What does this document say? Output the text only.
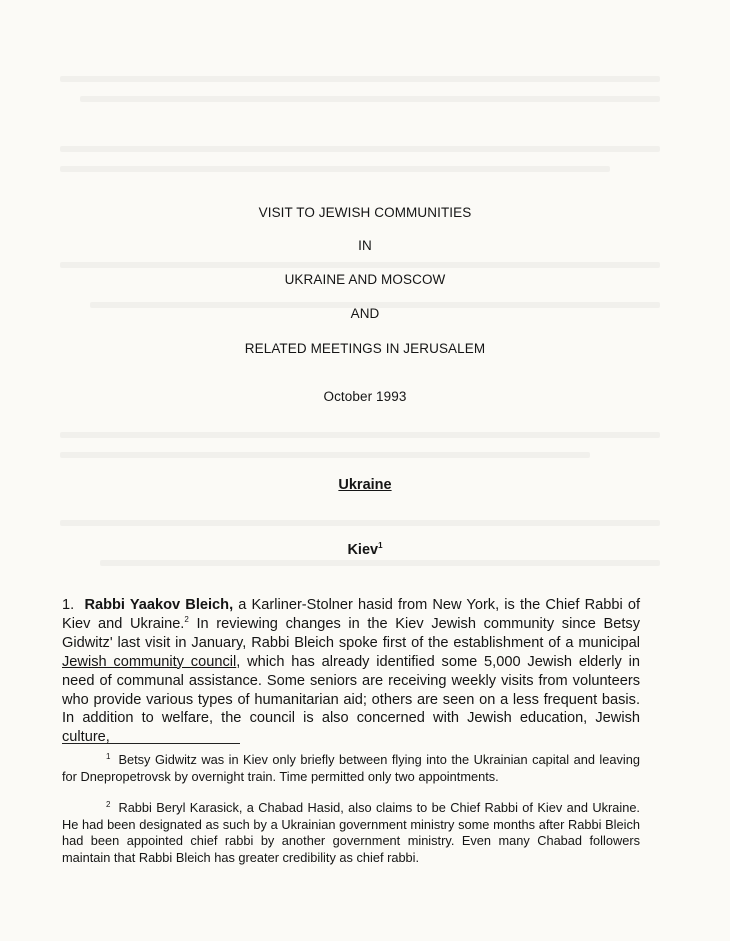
VISIT TO JEWISH COMMUNITIES
IN
UKRAINE AND MOSCOW
AND
RELATED MEETINGS IN JERUSALEM
October 1993
Ukraine
Kiev$^1$
1. Rabbi Yaakov Bleich, a Karliner-Stolner hasid from New York, is the Chief Rabbi of Kiev and Ukraine.$^2$ In reviewing changes in the Kiev Jewish community since Betsy Gidwitz' last visit in January, Rabbi Bleich spoke first of the establishment of a municipal Jewish community council, which has already identified some 5,000 Jewish elderly in need of communal assistance. Some seniors are receiving weekly visits from volunteers who provide various types of humanitarian aid; others are seen on a less frequent basis. In addition to welfare, the council is also concerned with Jewish education, Jewish culture,
$^1$ Betsy Gidwitz was in Kiev only briefly between flying into the Ukrainian capital and leaving for Dnepropetrovsk by overnight train. Time permitted only two appointments.
$^2$ Rabbi Beryl Karasick, a Chabad Hasid, also claims to be Chief Rabbi of Kiev and Ukraine. He had been designated as such by a Ukrainian government ministry some months after Rabbi Bleich had been appointed chief rabbi by another government ministry. Even many Chabad followers maintain that Rabbi Bleich has greater credibility as chief rabbi.
